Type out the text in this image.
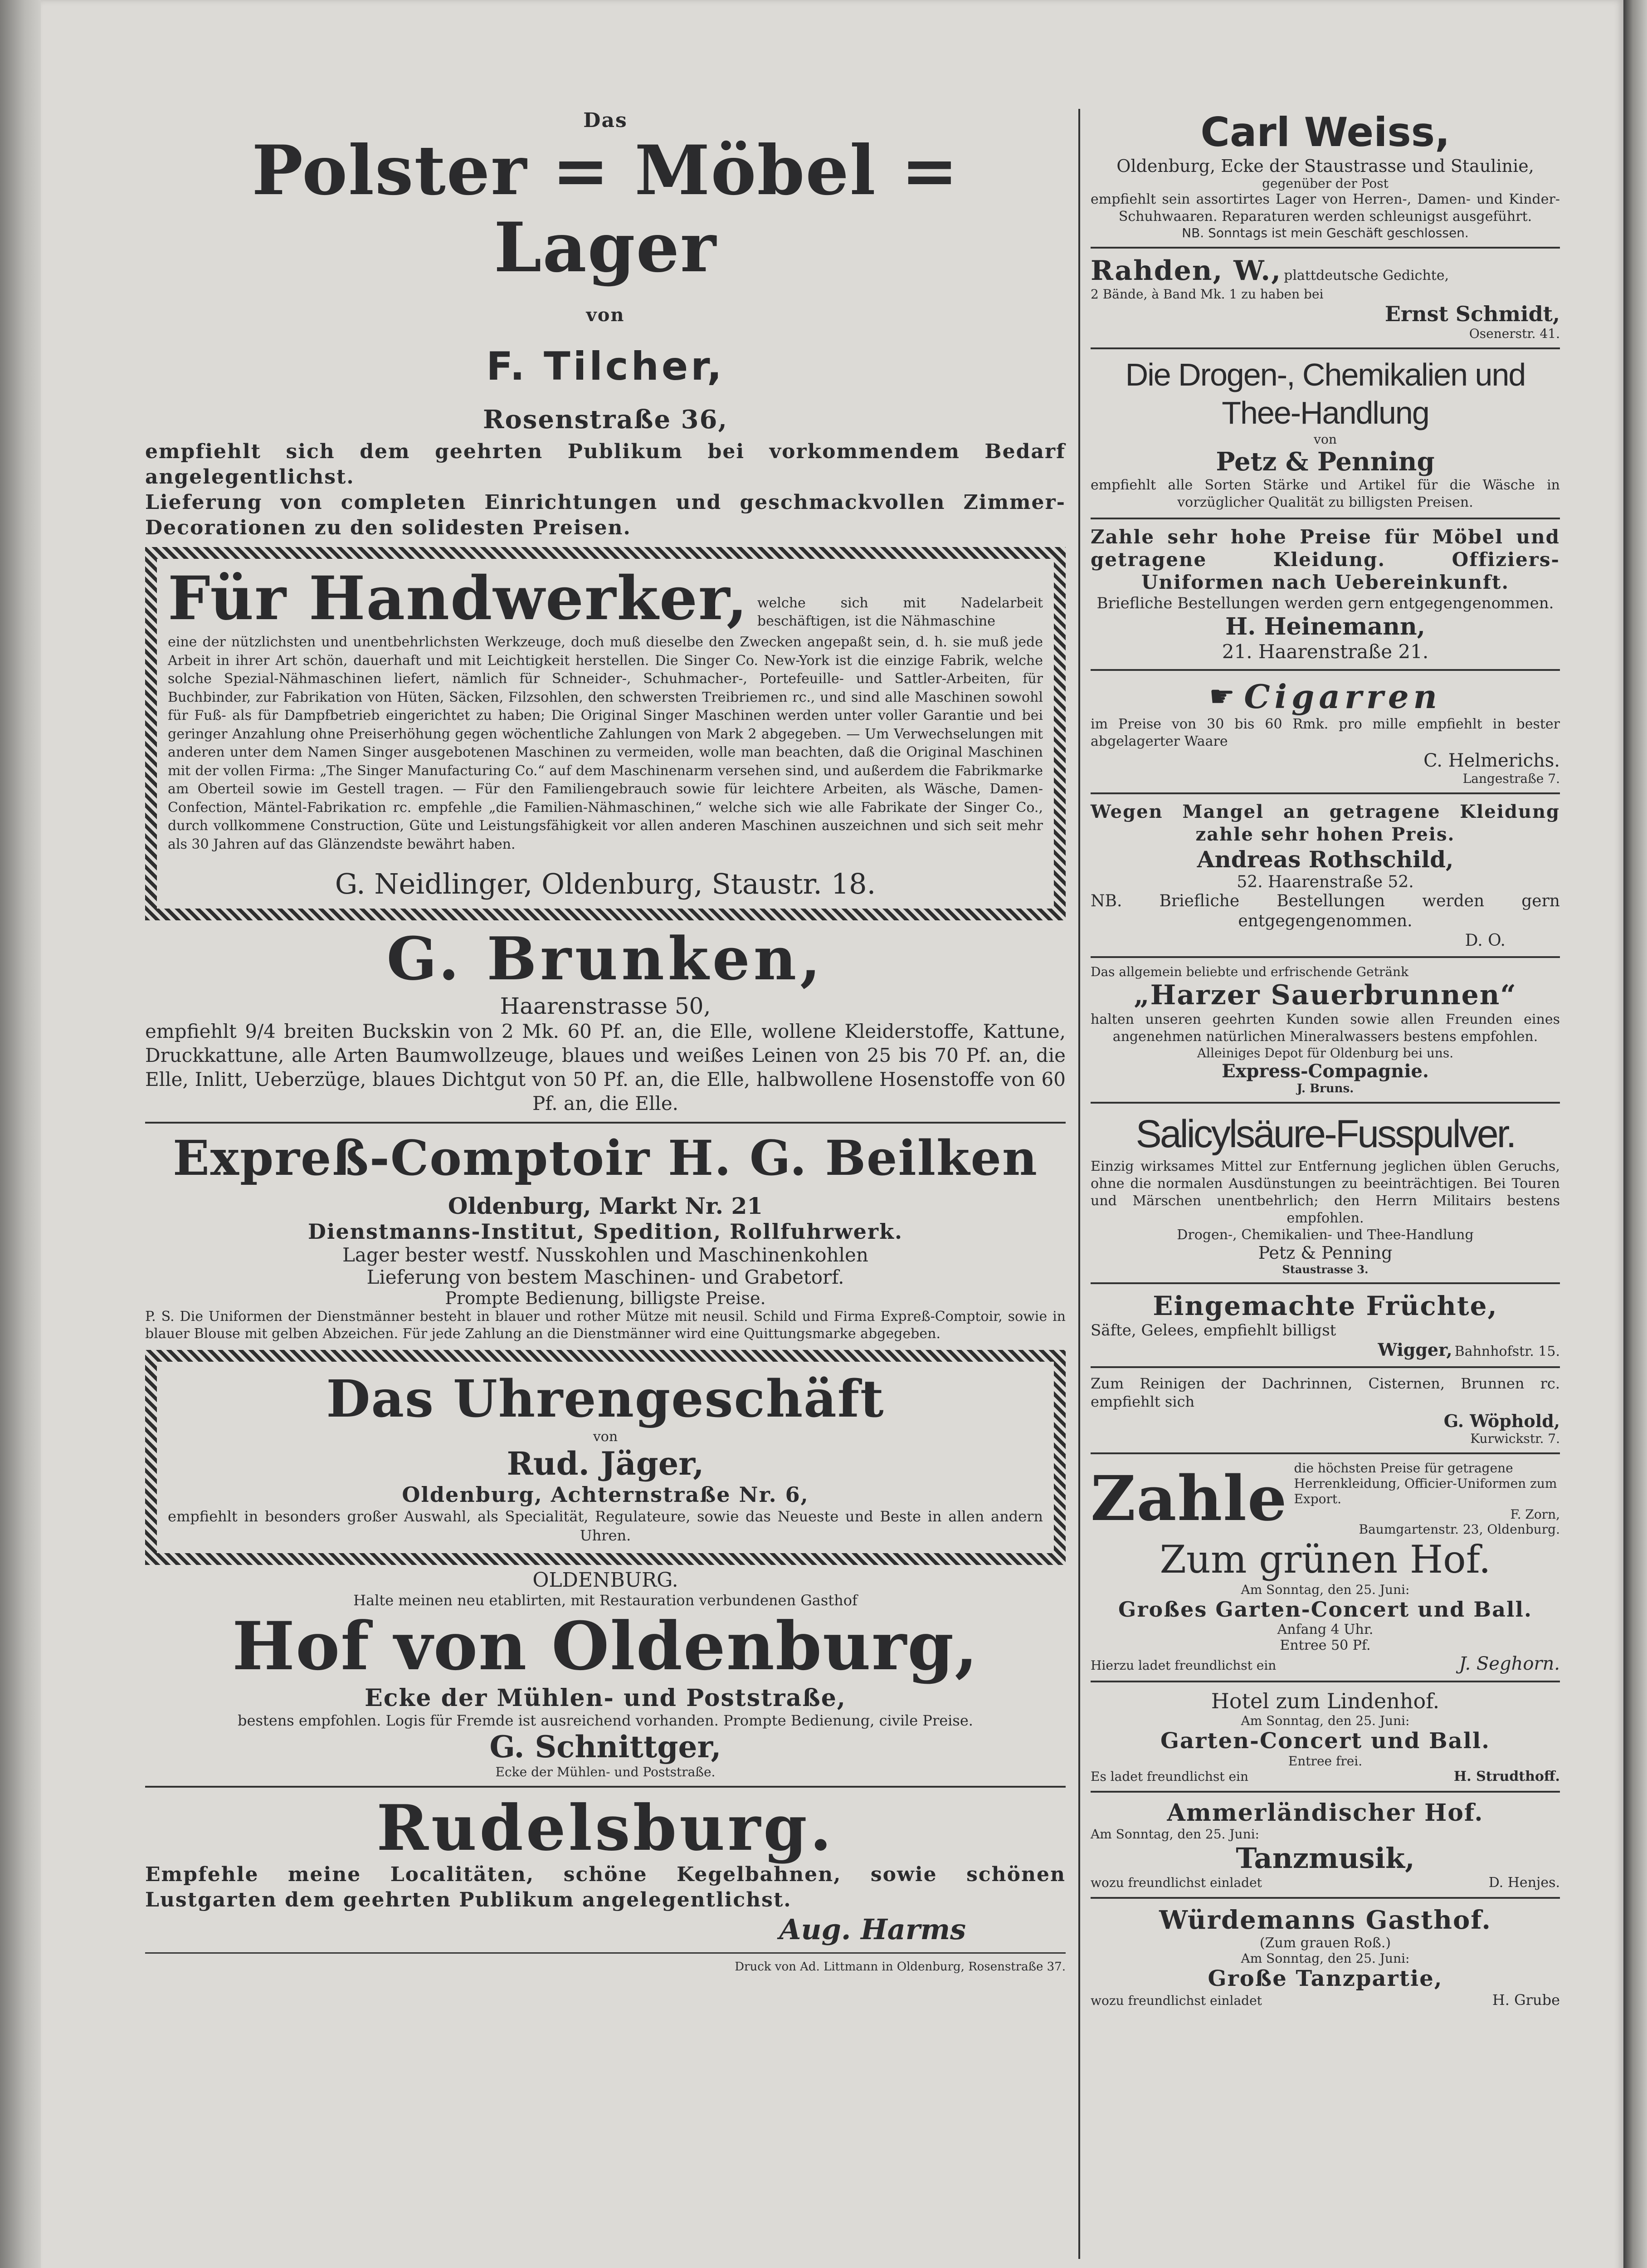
Das
Polster = Möbel = Lager
von
F. Tilcher,
Rosenstraße 36,
empfiehlt sich dem geehrten Publikum bei vorkommendem Bedarf angelegentlichst.
Lieferung von completen Einrichtungen und geschmackvollen Zimmer-Decorationen zu den solidesten Preisen.
Für Handwerker, welche sich mit Nadelarbeit beschäftigen, ist die Nähmaschine
eine der nützlichsten und unentbehrlichsten Werkzeuge, doch muß dieselbe den Zwecken angepaßt sein, d. h. sie muß jede Arbeit in ihrer Art schön, dauerhaft und mit Leichtigkeit herstellen. Die Singer Co. New-York ist die einzige Fabrik, welche solche Spezial-Nähmaschinen liefert, nämlich für Schneider-, Schuhmacher-, Portefeuille- und Sattler-Arbeiten, für Buchbinder, zur Fabrikation von Hüten, Säcken, Filzsohlen, den schwersten Treibriemen rc., und sind alle Maschinen sowohl für Fuß- als für Dampfbetrieb eingerichtet zu haben; Die Original Singer Maschinen werden unter voller Garantie und bei geringer Anzahlung ohne Preiserhöhung gegen wöchentliche Zahlungen von Mark 2 abgegeben. — Um Verwechselungen mit anderen unter dem Namen Singer ausgebotenen Maschinen zu vermeiden, wolle man beachten, daß die Original Maschinen mit der vollen Firma: „The Singer Manufacturing Co.“ auf dem Maschinenarm versehen sind, und außerdem die Fabrikmarke am Oberteil sowie im Gestell tragen. — Für den Familiengebrauch sowie für leichtere Arbeiten, als Wäsche, Damen-Confection, Mäntel-Fabrikation rc. empfehle „die Familien-Nähmaschinen,“ welche sich wie alle Fabrikate der Singer Co., durch vollkommene Construction, Güte und Leistungsfähigkeit vor allen anderen Maschinen auszeichnen und sich seit mehr als 30 Jahren auf das Glänzendste bewährt haben.
G. Neidlinger, Oldenburg, Staustr. 18.
G. Brunken,
Haarenstrasse 50,
empfiehlt 9/4 breiten Buckskin von 2 Mk. 60 Pf. an, die Elle, wollene Kleiderstoffe, Kattune, Druckkattune, alle Arten Baumwollzeuge, blaues und weißes Leinen von 25 bis 70 Pf. an, die Elle, Inlitt, Ueberzüge, blaues Dichtgut von 50 Pf. an, die Elle, halbwollene Hosenstoffe von 60 Pf. an, die Elle.
Expreß-Comptoir H. G. Beilken
Oldenburg, Markt Nr. 21
Dienstmanns-Institut, Spedition, Rollfuhrwerk.
Lager bester westf. Nusskohlen und Maschinenkohlen
Lieferung von bestem Maschinen- und Grabetorf.
Prompte Bedienung, billigste Preise.
P. S. Die Uniformen der Dienstmänner besteht in blauer und rother Mütze mit neusil. Schild und Firma Expreß-Comptoir, sowie in blauer Blouse mit gelben Abzeichen. Für jede Zahlung an die Dienstmänner wird eine Quittungsmarke abgegeben.
Das Uhrengeschäft
von
Rud. Jäger,
Oldenburg, Achternstraße Nr. 6,
empfiehlt in besonders großer Auswahl, als Specialität, Regulateure, sowie das Neueste und Beste in allen andern Uhren.
OLDENBURG.
Halte meinen neu etablirten, mit Restauration verbundenen Gasthof
Hof von Oldenburg,
Ecke der Mühlen- und Poststraße,
bestens empfohlen. Logis für Fremde ist ausreichend vorhanden. Prompte Bedienung, civile Preise.
G. Schnittger,
Ecke der Mühlen- und Poststraße.
Rudelsburg.
Empfehle meine Localitäten, schöne Kegelbahnen, sowie schönen Lustgarten dem geehrten Publikum angelegentlichst.
Aug. Harms
Druck von Ad. Littmann in Oldenburg, Rosenstraße 37.
Carl Weiss,
Oldenburg, Ecke der Staustrasse und Staulinie,
gegenüber der Post
empfiehlt sein assortirtes Lager von Herren-, Damen- und Kinder-Schuhwaaren. Reparaturen werden schleunigst ausgeführt.
NB. Sonntags ist mein Geschäft geschlossen.
Rahden, W., plattdeutsche Gedichte,
2 Bände, à Band Mk. 1 zu haben bei
Ernst Schmidt,
Osenerstr. 41.
Die Drogen-, Chemikalien und Thee-Handlung
von
Petz & Penning
empfiehlt alle Sorten Stärke und Artikel für die Wäsche in vorzüglicher Qualität zu billigsten Preisen.
Zahle sehr hohe Preise für Möbel und getragene Kleidung. Offiziers-Uniformen nach Uebereinkunft.
Briefliche Bestellungen werden gern entgegengenommen.
H. Heinemann,
21. Haarenstraße 21.
☛ Cigarren
im Preise von 30 bis 60 Rmk. pro mille empfiehlt in bester abgelagerter Waare
C. Helmerichs.
Langestraße 7.
Wegen Mangel an getragene Kleidung zahle sehr hohen Preis.
Andreas Rothschild,
52. Haarenstraße 52.
NB. Briefliche Bestellungen werden gern entgegengenommen.
D. O.
Das allgemein beliebte und erfrischende Getränk
„Harzer Sauerbrunnen“
halten unseren geehrten Kunden sowie allen Freunden eines angenehmen natürlichen Mineralwassers bestens empfohlen.
Alleiniges Depot für Oldenburg bei uns.
Express-Compagnie.
J. Bruns.
Salicylsäure-Fusspulver.
Einzig wirksames Mittel zur Entfernung jeglichen üblen Geruchs, ohne die normalen Ausdünstungen zu beeinträchtigen. Bei Touren und Märschen unentbehrlich; den Herrn Militairs bestens empfohlen.
Drogen-, Chemikalien- und Thee-Handlung
Petz & Penning
Staustrasse 3.
Eingemachte Früchte,
Säfte, Gelees, empfiehlt billigst
Wigger, Bahnhofstr. 15.
Zum Reinigen der Dachrinnen, Cisternen, Brunnen rc. empfiehlt sich
G. Wöphold,
Kurwickstr. 7.
Zahle die höchsten Preise für getragene Herrenkleidung, Officier-Uniformen zum Export.
F. Zorn,
Baumgartenstr. 23, Oldenburg.
Zum grünen Hof.
Am Sonntag, den 25. Juni:
Großes Garten-Concert und Ball.
Anfang 4 Uhr.
Entree 50 Pf.
Hierzu ladet freundlichst ein	J. Seghorn.
Hotel zum Lindenhof.
Am Sonntag, den 25. Juni:
Garten-Concert und Ball.
Entree frei.
Es ladet freundlichst ein	H. Strudthoff.
Ammerländischer Hof.
Am Sonntag, den 25. Juni:
Tanzmusik,
wozu freundlichst einladet	D. Henjes.
Würdemanns Gasthof.
(Zum grauen Roß.)
Am Sonntag, den 25. Juni:
Große Tanzpartie,
wozu freundlichst einladet	H. Grube
